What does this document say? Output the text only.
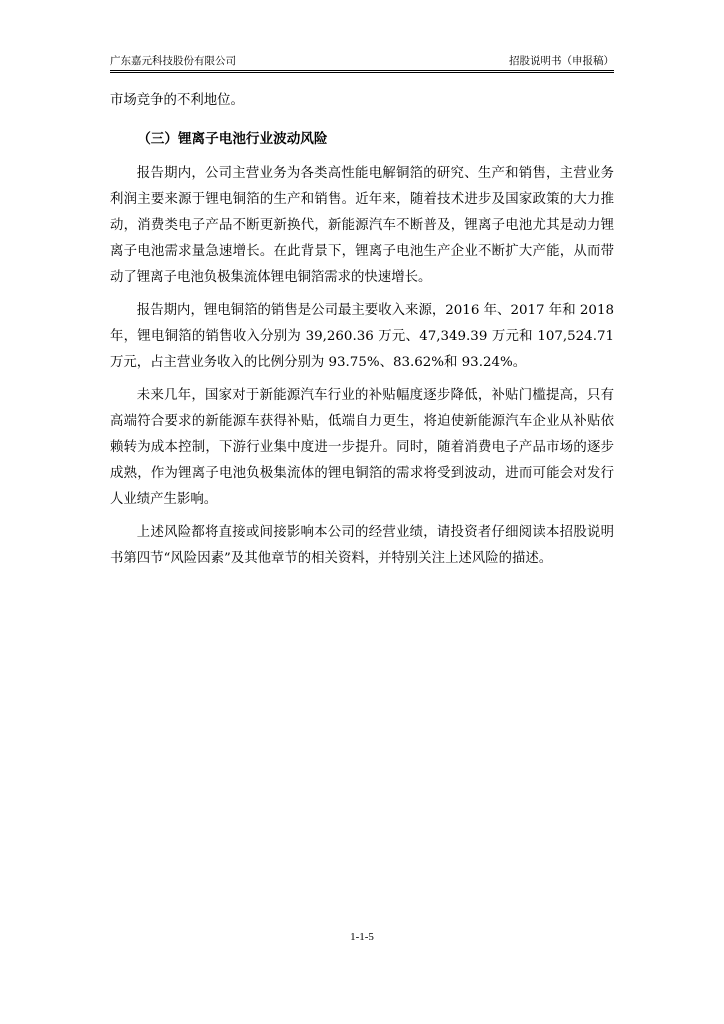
广东嘉元科技股份有限公司	招股说明书（申报稿）

市场竞争的不利地位。

（三）锂离子电池行业波动风险

报告期内，公司主营业务为各类高性能电解铜箔的研究、生产和销售，主营业务利润主要来源于锂电铜箔的生产和销售。近年来，随着技术进步及国家政策的大力推动，消费类电子产品不断更新换代，新能源汽车不断普及，锂离子电池尤其是动力锂离子电池需求量急速增长。在此背景下，锂离子电池生产企业不断扩大产能，从而带动了锂离子电池负极集流体锂电铜箔需求的快速增长。

报告期内，锂电铜箔的销售是公司最主要收入来源，2016 年、2017 年和 2018 年，锂电铜箔的销售收入分别为 39,260.36 万元、47,349.39 万元和 107,524.71 万元，占主营业务收入的比例分别为 93.75%、83.62%和 93.24%。

未来几年，国家对于新能源汽车行业的补贴幅度逐步降低，补贴门槛提高，只有高端符合要求的新能源车获得补贴，低端自力更生，将迫使新能源汽车企业从补贴依赖转为成本控制，下游行业集中度进一步提升。同时，随着消费电子产品市场的逐步成熟，作为锂离子电池负极集流体的锂电铜箔的需求将受到波动，进而可能会对发行人业绩产生影响。

上述风险都将直接或间接影响本公司的经营业绩，请投资者仔细阅读本招股说明书第四节“风险因素”及其他章节的相关资料，并特别关注上述风险的描述。

1-1-5
